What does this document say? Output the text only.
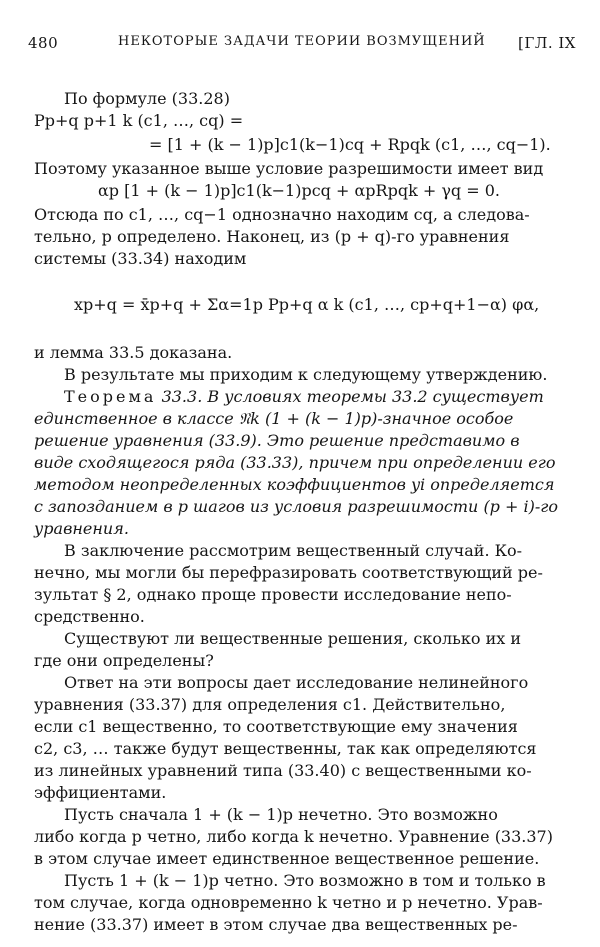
480	НЕКОТОРЫЕ ЗАДАЧИ ТЕОРИИ ВОЗМУЩЕНИЙ [ГЛ. IX
По формуле (33.28)
Pp+q p+1 k (c1, …, cq) =
= [1 + (k − 1)p]c1(k−1)cq + Rpqk (c1, …, cq−1).
Поэтому указанное выше условие разрешимости имеет вид
αp [1 + (k − 1)p]c1(k−1)pcq + αpRpqk + γq = 0.
Отсюда по c1, …, cq−1 однозначно находим cq, а следова-
тельно, p определено. Наконец, из (p + q)-го уравнения
системы (33.34) находим
xp+q = x̄p+q + Σα=1p Pp+q α k (c1, …, cp+q+1−α) φα,
и лемма 33.5 доказана.
В результате мы приходим к следующему утверждению.
Теорема 33.3. В условиях теоремы 33.2 существует
единственное в классе 𝔑k (1 + (k − 1)p)-значное особое
решение уравнения (33.9). Это решение представимо в
виде сходящегося ряда (33.33), причем при определении его
методом неопределенных коэффициентов yi определяется
с запозданием в p шагов из условия разрешимости (p + i)-го
уравнения.
В заключение рассмотрим вещественный случай. Ко-
нечно, мы могли бы перефразировать соответствующий ре-
зультат § 2, однако проще провести исследование непо-
средственно.
Существуют ли вещественные решения, сколько их и
где они определены?
Ответ на эти вопросы дает исследование нелинейного
уравнения (33.37) для определения c1. Действительно,
если c1 вещественно, то соответствующие ему значения
c2, c3, … также будут вещественны, так как определяются
из линейных уравнений типа (33.40) с вещественными ко-
эффициентами.
Пусть сначала 1 + (k − 1)p нечетно. Это возможно
либо когда p четно, либо когда k нечетно. Уравнение (33.37)
в этом случае имеет единственное вещественное решение.
Пусть 1 + (k − 1)p четно. Это возможно в том и только в
том случае, когда одновременно k четно и p нечетно. Урав-
нение (33.37) имеет в этом случае два вещественных ре-
